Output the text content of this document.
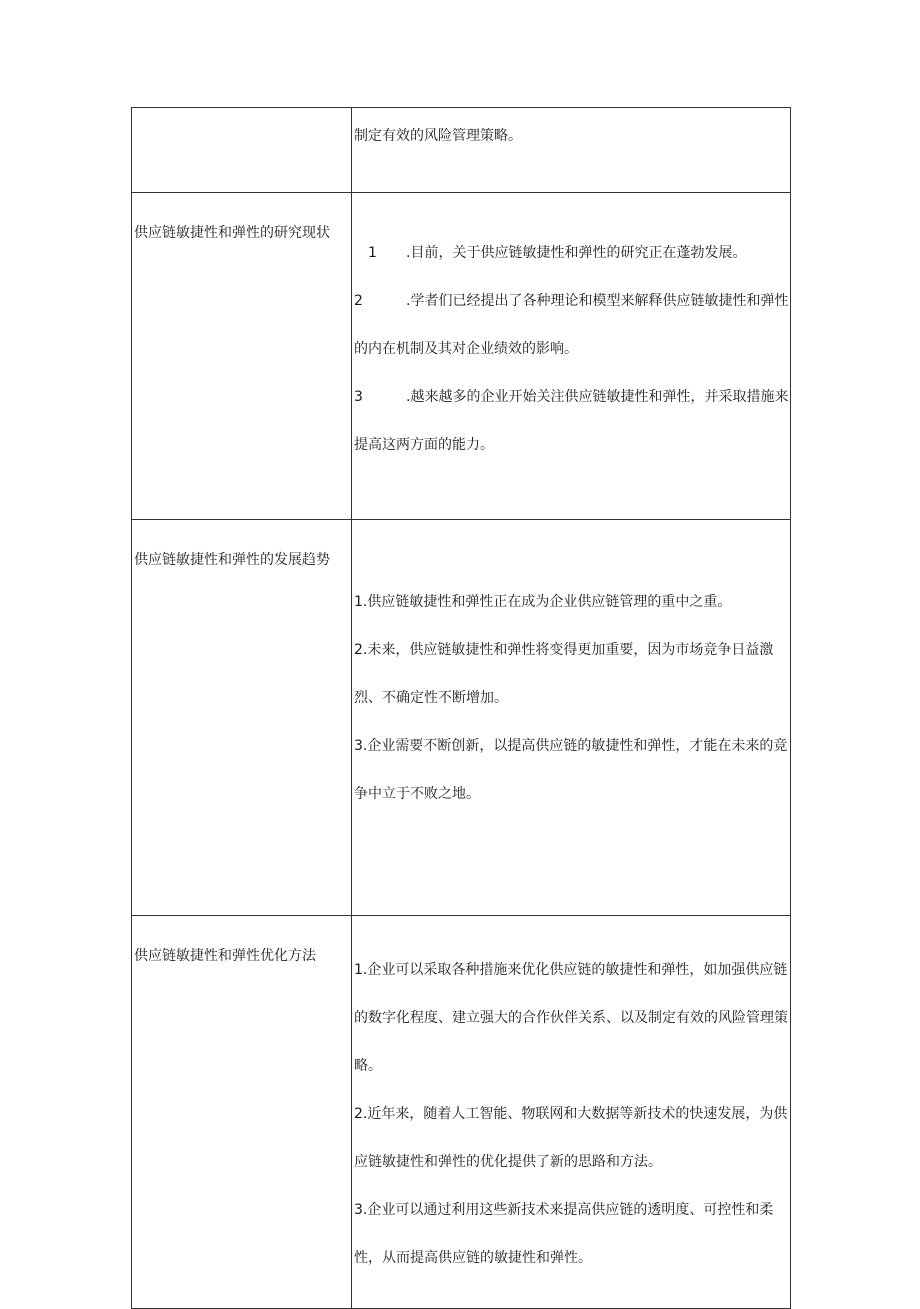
	制定有效的风险管理策略。

供应链敏捷性和弹性的研究现状	1 .目前，关于供应链敏捷性和弹性的研究正在蓬勃发展。

2 .学者们已经提出了各种理论和模型来解释供应链敏捷性和弹性的内在机制及其对企业绩效的影响。

3 .越来越多的企业开始关注供应链敏捷性和弹性，并采取措施来提高这两方面的能力。

供应链敏捷性和弹性的发展趋势	1.供应链敏捷性和弹性正在成为企业供应链管理的重中之重。

2.未来，供应链敏捷性和弹性将变得更加重要，因为市场竞争日益激烈、不确定性不断增加。

3.企业需要不断创新，以提高供应链的敏捷性和弹性，才能在未来的竞争中立于不败之地。

供应链敏捷性和弹性优化方法	1.企业可以采取各种措施来优化供应链的敏捷性和弹性，如加强供应链的数字化程度、建立强大的合作伙伴关系、以及制定有效的风险管理策略。

2.近年来，随着人工智能、物联网和大数据等新技术的快速发展，为供应链敏捷性和弹性的优化提供了新的思路和方法。

3.企业可以通过利用这些新技术来提高供应链的透明度、可控性和柔性，从而提高供应链的敏捷性和弹性。
